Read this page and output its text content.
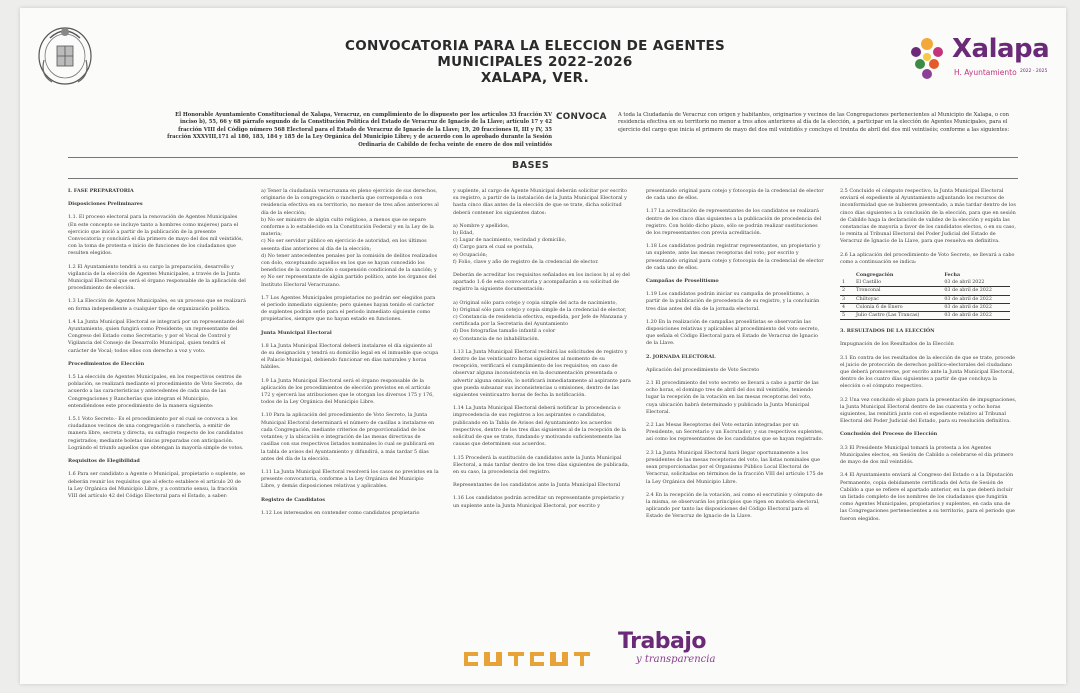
CONVOCATORIA PARA LA ELECCION DE AGENTES
MUNICIPALES 2022–2026
XALAPA, VER.
Xalapa
H. Ayuntamiento 2022 - 2025
El Honorable Ayuntamiento Constitucional de Xalapa, Veracruz, en cumplimiento de lo dispuesto por los artículos 33 fracción XV inciso b), 55, 66 y 68 párrafo segundo de la Constitución Política del Estado de Veracruz de Ignacio de la Llave; artículo 17 y 42 fracción VIII del Código número 568 Electoral para el Estado de Veracruz de Ignacio de la Llave; 19, 20 fracciones II, III y IV, 35 fracción XXXVIII,171 al 180, 183, 184 y 185 de la Ley Orgánica del Municipio Libre; y de acuerdo con lo aprobado durante la Sesión Ordinaria de Cabildo de fecha veinte de enero de dos mil veintidós
CONVOCA A toda la Ciudadanía de Veracruz con origen y habitantes, originarios y vecinos de las Congregaciones pertenecientes al Municipio de Xalapa, o con residencia efectiva en su territorio no menor a tres años anteriores al día de la elección, a participar en la elección de Agentes Municipales, para el ejercicio del cargo que inicia el primero de mayo del dos mil veintidós y concluye el treinta de abril del dos mil veintiséis; conforme a las siguientes:
BASES

I. FASE PREPARATORIA

Disposiciones Preliminares

1.1. El proceso electoral para la renovación de Agentes Municipales (En este concepto se incluye tanto a hombres como mujeres) para el ejercicio que inició a partir de la publicación de la presente Convocatoria y concluirá el día primero de mayo del dos mil veintidós, con la toma de protesta e inicio de funciones de los ciudadanos que resulten elegidos.

1.2 El Ayuntamiento tendrá a su cargo la preparación, desarrollo y vigilancia de la elección de Agentes Municipales, a través de la Junta Municipal Electoral que será el órgano responsable de la aplicación del procedimiento de elección.

1.3 La Elección de Agentes Municipales, es un proceso que se realizará en forma independiente a cualquier tipo de organización política.

1.4 La Junta Municipal Electoral se integrará por un representante del Ayuntamiento, quien fungirá como Presidente; un representante del Congreso del Estado como Secretario; y por el Vocal de Control y Vigilancia del Consejo de Desarrollo Municipal, quien tendrá el carácter de Vocal; todos ellos con derecho a voz y voto.

Procedimientos de Elección

1.5 La elección de Agentes Municipales, en los respectivos centros de población, se realizará mediante el procedimiento de Voto Secreto, de acuerdo a las características y antecedentes de cada una de las Congregaciones y Rancherías que integran el Municipio, entendiéndose este procedimiento de la manera siguiente:

1.5.1 Voto Secreto.- Es el procedimiento por el cual se convoca a los ciudadanos vecinos de una congregación o ranchería, a emitir de manera libre, secreta y directa, su sufragio respecto de los candidatos registrados; mediante boletas únicas preparadas con anticipación. Lográndo el triunfo aquellos que obtengan la mayoría simple de votos.

Requisitos de Elegibilidad

1.6 Para ser candidato a Agente o Municipal, propietario o suplente, se deberán reunir los requisitos que al efecto establece el artículo 20 de la Ley Orgánica del Municipio Libre, y a contrario sensu, la fracción VIII del artículo 42 del Código Electoral para el Estado, a saber:

a) Tener la ciudadanía veracruzana en pleno ejercicio de sus derechos, originario de la congregación o ranchería que corresponda o con residencia efectiva en su territorio, no menor de tres años anteriores al día de la elección;
b) No ser ministro de algún culto religioso, a menos que se separe conforme a lo establecido en la Constitución Federal y en la Ley de la materia;
c) No ser servidor público en ejercicio de autoridad, en los últimos sesenta días anteriores al día de la elección;
d) No tener antecedentes penales por la comisión de delitos realizados con dolo, exceptuando aquellos en los que se hayan concedido los beneficios de la conmutación o suspensión condicional de la sanción; y
e) No ser representante de algún partido político, ante los órganos del Instituto Electoral Veracruzano.

1.7 Los Agentes Municipales propietarios no podrán ser elegidos para el periodo inmediato siguiente; pero quienes hayan tenido el carácter de suplentes podrán serlo para el periodo inmediato siguiente como propietarios, siempre que no hayan estado en funciones.

Junta Municipal Electoral

1.8 La Junta Municipal Electoral deberá instalarse el día siguiente al de su designación y tendrá su domicilio legal en el inmueble que ocupa el Palacio Municipal, debiendo funcionar en días naturales y horas hábiles.

1.9 La Junta Municipal Electoral será el órgano responsable de la aplicación de los procedimientos de elección previstos en el artículo 172 y ejercerá las atribuciones que le otorgan los diversos 175 y 176, todos de la Ley Orgánica del Municipio Libre.

1.10 Para la aplicación del procedimiento de Voto Secreto, la Junta Municipal Electoral determinará el número de casillas a instalarse en cada Congregación, mediante criterios de proporcionalidad de los votantes; y la ubicación e integración de las mesas directivas de casillas con sus respectivos listados nominales lo cual se publicará en la tabla de avisos del Ayuntamiento y difundirá, a más tardar 5 días antes del día de la elección.

1.11 La Junta Municipal Electoral resolverá los casos no previstos en la presente convocatoria, conforme a la Ley Orgánica del Municipio Libre, y demás disposiciones relativas y aplicables.

Registro de Candidatos

1.12 Los interesados en contender como candidatos propietario

y suplente, al cargo de Agente Municipal deberán solicitar por escrito su registro, a partir de la instalación de la Junta Municipal Electoral y hasta cinco días antes de la elección de que se trate, dicha solicitud deberá contener los siguientes datos:

a) Nombre y apellidos,
b) Edad,
c) Lugar de nacimiento, vecindad y domicilio,
d) Cargo para el cual se postula,
e) Ocupación;
f) Folio, clave y año de registro de la credencial de elector.

Deberán de acreditar los requisitos señalados en los incisos b) al e) del apartado 1.6 de esta convocatoria y acompañarán a su solicitud de registro la siguiente documentación:

a) Original sólo para cotejo y copia simple del acta de nacimiento,
b) Original sólo para cotejo y copia simple de la credencial de elector,
c) Constancia de residencia efectiva, expedida, por Jefe de Manzana y certificada por la Secretaria del Ayuntamiento
d) Dos fotografías tamaño infantil a color
e) Constancia de no inhabilitación.

1.13 La Junta Municipal Electoral recibirá las solicitudes de registro y dentro de las veinticuatro horas siguientes al momento de su recepción, verificará el cumplimiento de los requisitos; en caso de observar alguna inconsistencia en la documentación presentada o advertir alguna omisión, lo notificará inmediatamente al aspirante para que pueda subsanar sus inconsistencias u omisiones, dentro de las siguientes veinticuatro horas de fecha la notificación.

1.14 La Junta Municipal Electoral deberá notificar la procedencia o improcedencia de sus registros a los aspirantes o candidatos, publicando en la Tabla de Avisos del Ayuntamiento los acuerdos respectivos, dentro de los tres días siguientes al de la recepción de la solicitud de que se trate, fundando y motivando suficientemente las causas que determinen sus acuerdos.

1.15 Procederá la sustitución de candidatos ante la Junta Municipal Electoral, a más tardar dentro de los tres días siguientes de publicada, en su caso, la procedencia del registro.

Representantes de los candidatos ante la Junta Municipal Electoral

1.16 Los candidatos podrán acreditar un representante propietario y un suplente ante la Junta Municipal Electoral, por escrito y

presentando original para cotejo y fotocopia de la credencial de elector de cada uno de ellos.

1.17 La acreditación de representantes de los candidatos se realizará dentro de los cinco días siguientes a la publicación de procedencia del registro. Con holdo dicho plazo, sólo se podrán realizar sustituciones de los representantes con previa acreditación.

1.18 Los candidatos podrán registrar representantes, un propietario y un suplente, ante las mesas receptoras del voto; por escrito y presentando original para cotejo y fotocopia de la credencial de elector de cada uno de ellos.

Campañas de Proselitismo

1.19 Los candidatos podrán iniciar su campaña de proselitismo, a partir de la publicación de procedencia de su registro, y la concluirán tres días antes del día de la jornada electoral.

1.20 En la realización de campañas proselitistas se observarán las disposiciones relativas y aplicables al procedimiento del voto secreto, que señala el Código Electoral para el Estado de Veracruz de Ignacio de la Llave.

2. JORNADA ELECTORAL

Aplicación del procedimiento de Voto Secreto

2.1 El procedimiento del voto secreto se llevará a cabo a partir de las ocho horas, el domingo tres de abril del dos mil veintidós, teniendo lugar la recepción de la votación en las mesas receptoras del voto, cuya ubicación habrá determinado y publicado la Junta Municipal Electoral.

2.2 Las Mesas Receptoras del Voto estarán integradas por un Presidente, un Secretario y un Escrutador; y sus respectivos suplentes, así como los representantes de los candidatos que se hayan registrado.

2.3 La Junta Municipal Electoral hará llegar oportunamente a los presidentes de las mesas receptoras del voto, las listas nominales que sean proporcionadas por el Organismo Público Local Electoral de Veracruz, solicitadas en términos de la fracción VIII del artículo 175 de la Ley Orgánica del Municipio Libre.

2.4 En la recepción de la votación, así como el escrutinio y cómputo de la misma, se observarán los principios que rigen en materia electoral, aplicando por tanto las disposiciones del Código Electoral para el Estado de Veracruz de Ignacio de la Llave.

2.5 Concluido el cómputo respectivo, la Junta Municipal Electoral enviará el expediente al Ayuntamiento adjuntando los recursos de inconformidad que se hubieren presentado, a más tardar dentro de los cinco días siguientes a la conclusión de la elección, para que en sesión de Cabildo haga la declaración de validez de la elección y expida las constancias de mayoría a favor de los candidatos electos, o en su caso, lo remita al Tribunal Electoral del Poder Judicial del Estado de Veracruz de Ignacio de la Llave, para que resuelva en definitiva.

2.6 La aplicación del procedimiento de Voto Secreto, se llevará a cabo como a continuación se indica:

	Congregación	Fecha
1	El Castillo	03 de abril 2022
2	Tronconal	03 de abril de 2022
3	Chiltoyac	03 de abril de 2022
4	Colonia 6 de Enero	03 de abril de 2022
5	Julio Castro (Las Trancas)	03 de abril de 2022

3. RESULTADOS DE LA ELECCIÓN

Impugnación de los Resultados de la Elección

3.1 En contra de los resultados de la elección de que se trate, procede el juicio de protección de derechos político-electorales del ciudadano que deberá promoverse, por escrito ante la Junta Municipal Electoral, dentro de los cuatro días siguientes a partir de que concluya la elección o el cómputo respectivo.

3.2 Una vez concluido el plazo para la presentación de impugnaciones, la Junta Municipal Electoral dentro de las cuarenta y ocho horas siguientes, las remitirá junto con el expediente relativo al Tribunal Electoral del Poder Judicial del Estado, para su resolución definitiva.

Conclusión del Proceso de Elección

3.3 El Presidente Municipal tomará la protesta a los Agentes Municipales electos, en Sesión de Cabildo a celebrarse el día primero de mayo de dos mil veintidós.

3.4 El Ayuntamiento enviará al Congreso del Estado o a la Diputación Permanente, copia debidamente certificada del Acta de Sesión de Cabildo a que se refiere el apartado anterior, en la que deberá incluir un listado completo de los nombres de los ciudadanos que fungirán como Agentes Municipales, propietarios y suplentes, en cada una de las Congregaciones pertenecientes a su territorio, para el periodo que fueron elegidos.

Trabajo
y transparencia
